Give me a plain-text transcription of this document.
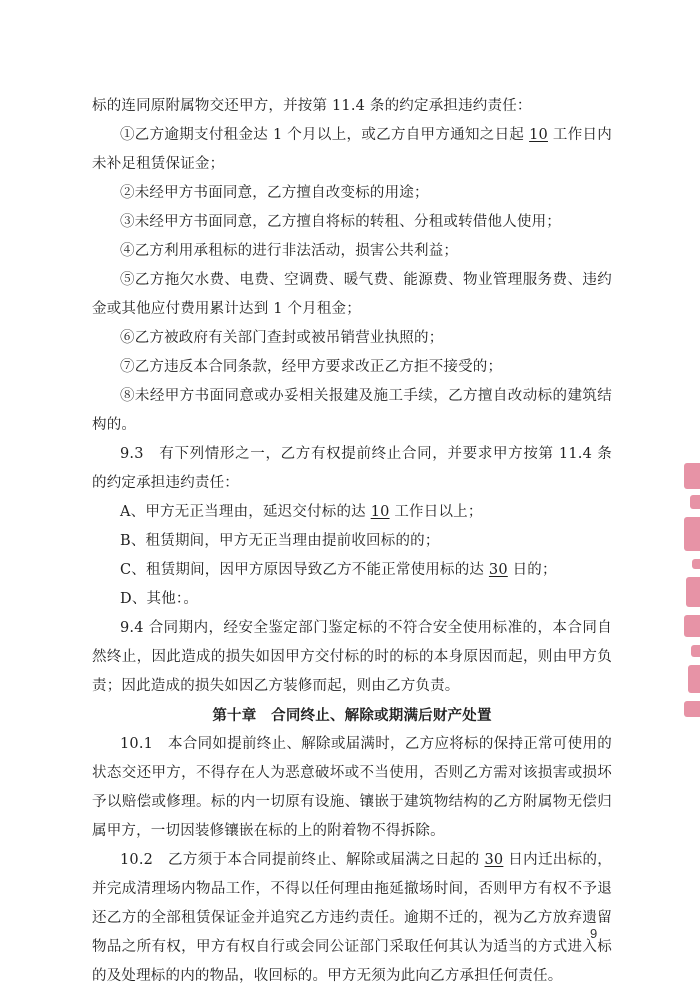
标的连同原附属物交还甲方，并按第 11.4 条的约定承担违约责任：

①乙方逾期支付租金达 1 个月以上，或乙方自甲方通知之日起 10 工作日内未补足租赁保证金；

②未经甲方书面同意，乙方擅自改变标的用途；

③未经甲方书面同意，乙方擅自将标的转租、分租或转借他人使用；

④乙方利用承租标的进行非法活动，损害公共利益；

⑤乙方拖欠水费、电费、空调费、暖气费、能源费、物业管理服务费、违约金或其他应付费用累计达到 1 个月租金；

⑥乙方被政府有关部门查封或被吊销营业执照的；

⑦乙方违反本合同条款，经甲方要求改正乙方拒不接受的；

⑧未经甲方书面同意或办妥相关报建及施工手续，乙方擅自改动标的建筑结构的。

9.3　有下列情形之一，乙方有权提前终止合同，并要求甲方按第 11.4 条的约定承担违约责任：

A、甲方无正当理由，延迟交付标的达 10 工作日以上；

B、租赁期间，甲方无正当理由提前收回标的的；

C、租赁期间，因甲方原因导致乙方不能正常使用标的达 30 日的；

D、其他：。

9.4 合同期内，经安全鉴定部门鉴定标的不符合安全使用标准的，本合同自然终止，因此造成的损失如因甲方交付标的时的标的本身原因而起，则由甲方负责；因此造成的损失如因乙方装修而起，则由乙方负责。

第十章　合同终止、解除或期满后财产处置

10.1　本合同如提前终止、解除或届满时，乙方应将标的保持正常可使用的状态交还甲方，不得存在人为恶意破坏或不当使用，否则乙方需对该损害或损坏予以赔偿或修理。标的内一切原有设施、镶嵌于建筑物结构的乙方附属物无偿归属甲方，一切因装修镶嵌在标的上的附着物不得拆除。

10.2　乙方须于本合同提前终止、解除或届满之日起的 30 日内迁出标的，并完成清理场内物品工作，不得以任何理由拖延撤场时间，否则甲方有权不予退还乙方的全部租赁保证金并追究乙方违约责任。逾期不迁的，视为乙方放弃遗留物品之所有权，甲方有权自行或会同公证部门采取任何其认为适当的方式进入标的及处理标的内的物品，收回标的。甲方无须为此向乙方承担任何责任。

9
